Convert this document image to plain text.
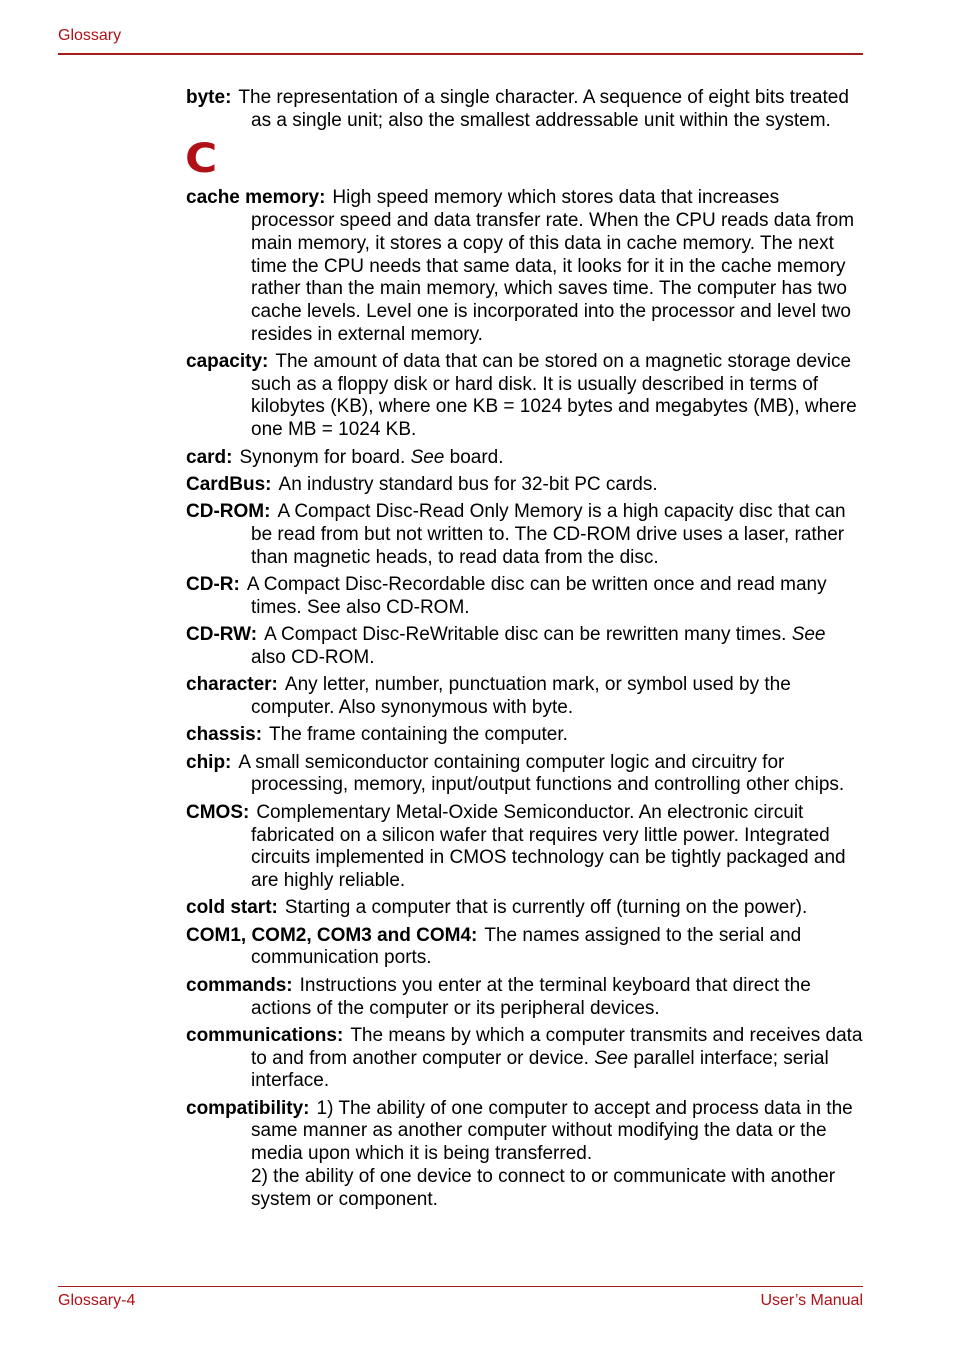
Glossary

byte: The representation of a single character. A sequence of eight bits treated as a single unit; also the smallest addressable unit within the system.

C

cache memory: High speed memory which stores data that increases processor speed and data transfer rate. When the CPU reads data from main memory, it stores a copy of this data in cache memory. The next time the CPU needs that same data, it looks for it in the cache memory rather than the main memory, which saves time. The computer has two cache levels. Level one is incorporated into the processor and level two resides in external memory.

capacity: The amount of data that can be stored on a magnetic storage device such as a floppy disk or hard disk. It is usually described in terms of kilobytes (KB), where one KB = 1024 bytes and megabytes (MB), where one MB = 1024 KB.

card: Synonym for board. See board.

CardBus: An industry standard bus for 32-bit PC cards.

CD-ROM: A Compact Disc-Read Only Memory is a high capacity disc that can be read from but not written to. The CD-ROM drive uses a laser, rather than magnetic heads, to read data from the disc.

CD-R: A Compact Disc-Recordable disc can be written once and read many times. See also CD-ROM.

CD-RW: A Compact Disc-ReWritable disc can be rewritten many times. See also CD-ROM.

character: Any letter, number, punctuation mark, or symbol used by the computer. Also synonymous with byte.

chassis: The frame containing the computer.

chip: A small semiconductor containing computer logic and circuitry for processing, memory, input/output functions and controlling other chips.

CMOS: Complementary Metal-Oxide Semiconductor. An electronic circuit fabricated on a silicon wafer that requires very little power. Integrated circuits implemented in CMOS technology can be tightly packaged and are highly reliable.

cold start: Starting a computer that is currently off (turning on the power).

COM1, COM2, COM3 and COM4: The names assigned to the serial and communication ports.

commands: Instructions you enter at the terminal keyboard that direct the actions of the computer or its peripheral devices.

communications: The means by which a computer transmits and receives data to and from another computer or device. See parallel interface; serial interface.

compatibility: 1) The ability of one computer to accept and process data in the same manner as another computer without modifying the data or the media upon which it is being transferred.
2) the ability of one device to connect to or communicate with another system or component.

Glossary-4	User’s Manual
